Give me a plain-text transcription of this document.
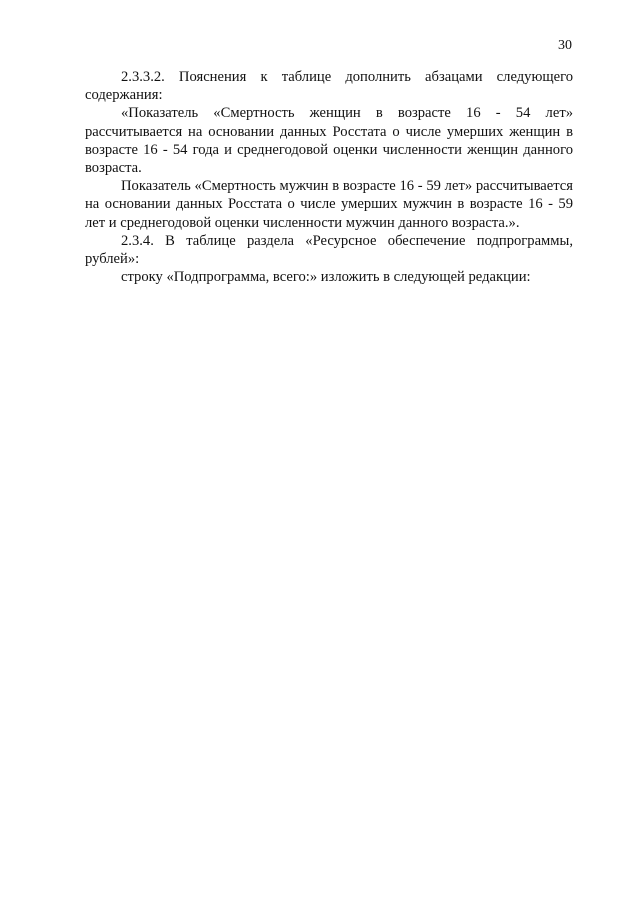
30

2.3.3.2. Пояснения к таблице дополнить абзацами следующего содержания:

«Показатель «Смертность женщин в возрасте 16 - 54 лет» рассчитывается на основании данных Росстата о числе умерших женщин в возрасте 16 - 54 года и среднегодовой оценки численности женщин данного возраста.

Показатель «Смертность мужчин в возрасте 16 - 59 лет» рассчитывается на основании данных Росстата о числе умерших мужчин в возрасте 16 - 59 лет и среднегодовой оценки численности мужчин данного возраста.».

2.3.4. В таблице раздела «Ресурсное обеспечение подпрограммы, рублей»:

строку «Подпрограмма, всего:» изложить в следующей редакции:
